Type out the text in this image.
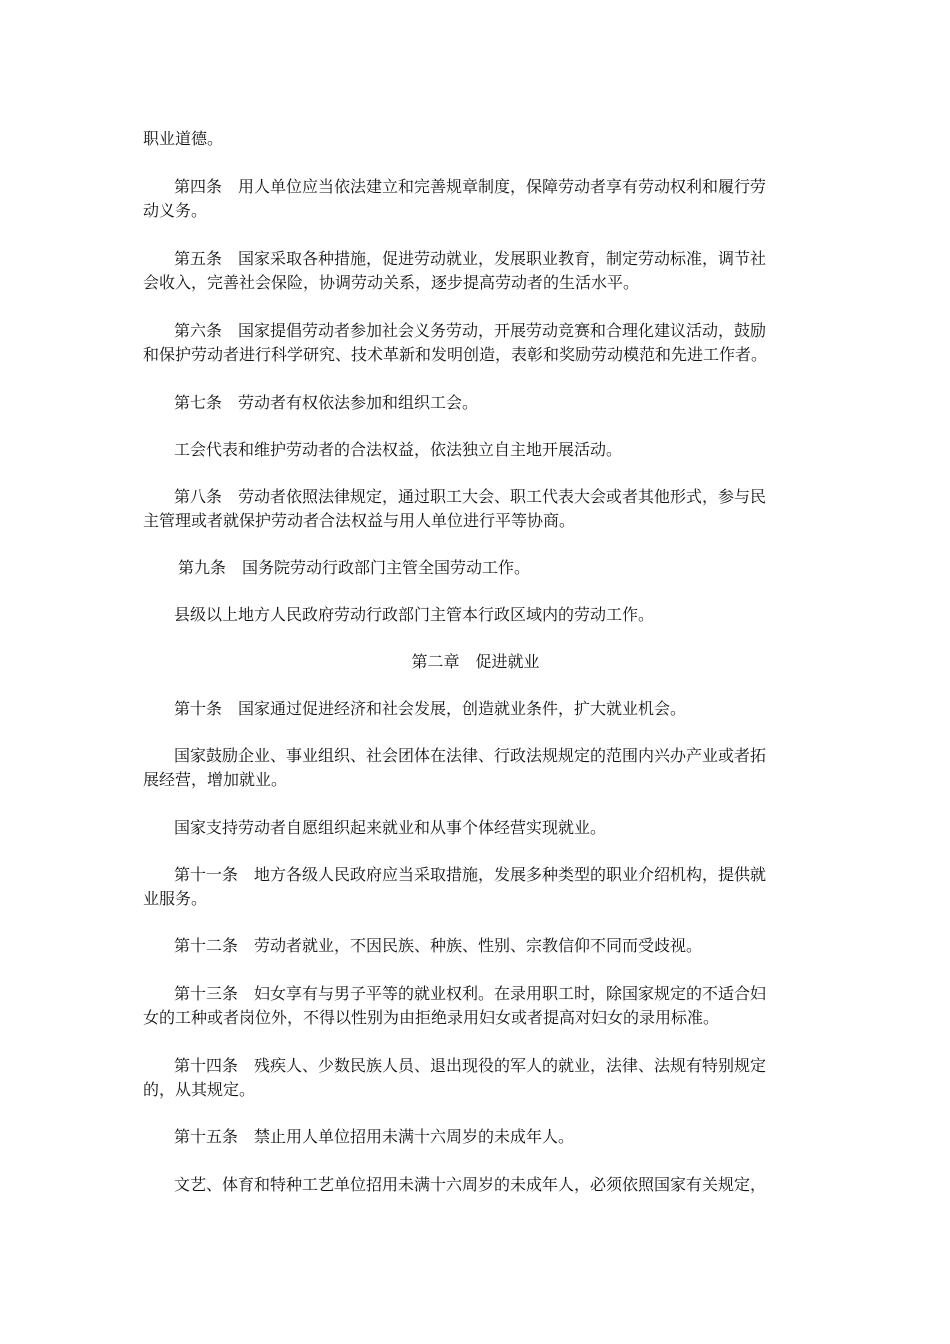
职业道德。
第四条　用人单位应当依法建立和完善规章制度，保障劳动者享有劳动权利和履行劳
动义务。
第五条　国家采取各种措施，促进劳动就业，发展职业教育，制定劳动标准，调节社
会收入，完善社会保险，协调劳动关系，逐步提高劳动者的生活水平。
第六条　国家提倡劳动者参加社会义务劳动，开展劳动竞赛和合理化建议活动，鼓励
和保护劳动者进行科学研究、技术革新和发明创造，表彰和奖励劳动模范和先进工作者。
第七条　劳动者有权依法参加和组织工会。
工会代表和维护劳动者的合法权益，依法独立自主地开展活动。
第八条　劳动者依照法律规定，通过职工大会、职工代表大会或者其他形式，参与民
主管理或者就保护劳动者合法权益与用人单位进行平等协商。
第九条　国务院劳动行政部门主管全国劳动工作。
县级以上地方人民政府劳动行政部门主管本行政区域内的劳动工作。
第二章　促进就业
第十条　国家通过促进经济和社会发展，创造就业条件，扩大就业机会。
国家鼓励企业、事业组织、社会团体在法律、行政法规规定的范围内兴办产业或者拓
展经营，增加就业。
国家支持劳动者自愿组织起来就业和从事个体经营实现就业。
第十一条　地方各级人民政府应当采取措施，发展多种类型的职业介绍机构，提供就
业服务。
第十二条　劳动者就业，不因民族、种族、性别、宗教信仰不同而受歧视。
第十三条　妇女享有与男子平等的就业权利。在录用职工时，除国家规定的不适合妇
女的工种或者岗位外，不得以性别为由拒绝录用妇女或者提高对妇女的录用标准。
第十四条　残疾人、少数民族人员、退出现役的军人的就业，法律、法规有特别规定
的，从其规定。
第十五条　禁止用人单位招用未满十六周岁的未成年人。
文艺、体育和特种工艺单位招用未满十六周岁的未成年人，必须依照国家有关规定，
